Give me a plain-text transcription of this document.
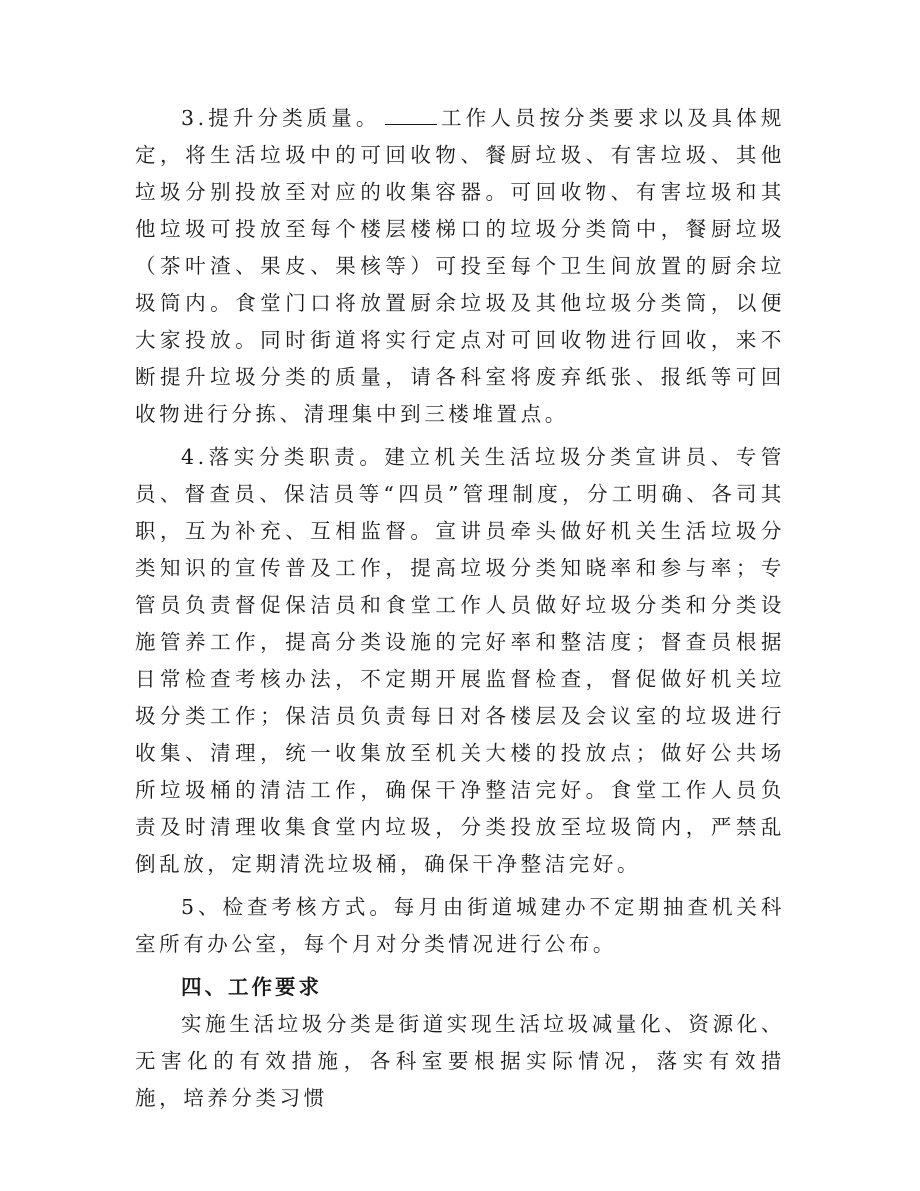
3.提升分类质量。	工作人员按分类要求以及具体规定，将生活垃圾中的可回收物、餐厨垃圾、有害垃圾、其他垃圾分别投放至对应的收集容器。可回收物、有害垃圾和其他垃圾可投放至每个楼层楼梯口的垃圾分类筒中，餐厨垃圾（茶叶渣、果皮、果核等）可投至每个卫生间放置的厨余垃圾筒内。食堂门口将放置厨余垃圾及其他垃圾分类筒，以便大家投放。同时街道将实行定点对可回收物进行回收，来不断提升垃圾分类的质量，请各科室将废弃纸张、报纸等可回收物进行分拣、清理集中到三楼堆置点。

4.落实分类职责。建立机关生活垃圾分类宣讲员、专管员、督查员、保洁员等“四员”管理制度，分工明确、各司其职，互为补充、互相监督。宣讲员牵头做好机关生活垃圾分类知识的宣传普及工作，提高垃圾分类知晓率和参与率；专管员负责督促保洁员和食堂工作人员做好垃圾分类和分类设施管养工作，提高分类设施的完好率和整洁度；督查员根据日常检查考核办法，不定期开展监督检查，督促做好机关垃圾分类工作；保洁员负责每日对各楼层及会议室的垃圾进行收集、清理，统一收集放至机关大楼的投放点；做好公共场所垃圾桶的清洁工作，确保干净整洁完好。食堂工作人员负责及时清理收集食堂内垃圾，分类投放至垃圾筒内，严禁乱倒乱放，定期清洗垃圾桶，确保干净整洁完好。

5、检查考核方式。每月由街道城建办不定期抽查机关科室所有办公室，每个月对分类情况进行公布。

四、工作要求

实施生活垃圾分类是街道实现生活垃圾减量化、资源化、无害化的有效措施，各科室要根据实际情况，落实有效措施，培养分类习惯
